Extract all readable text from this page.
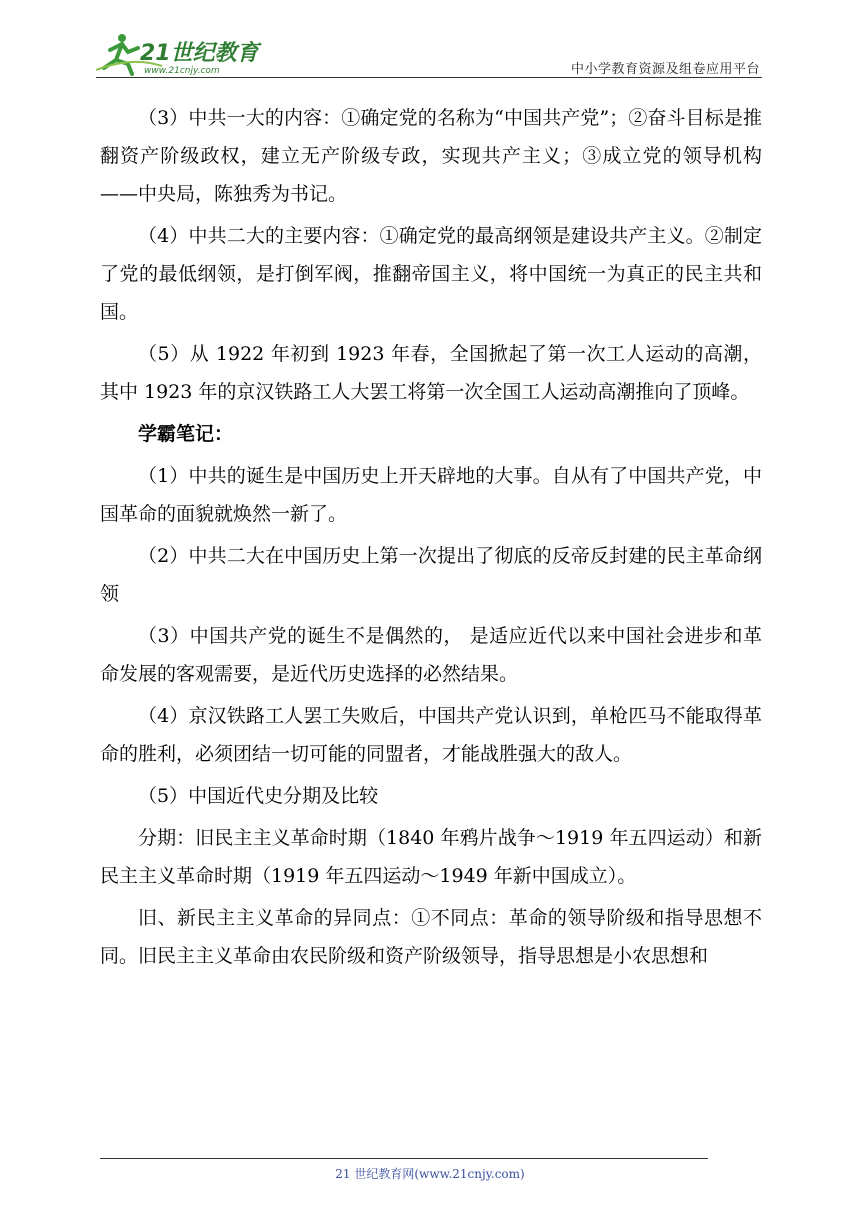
21世纪教育
www.21cnjy.com	中小学教育资源及组卷应用平台

（3）中共一大的内容：①确定党的名称为“中国共产党”；②奋斗目标是推翻资产阶级政权，建立无产阶级专政，实现共产主义；③成立党的领导机构——中央局，陈独秀为书记。

（4）中共二大的主要内容：①确定党的最高纲领是建设共产主义。②制定了党的最低纲领，是打倒军阀，推翻帝国主义，将中国统一为真正的民主共和国。

（5）从 1922 年初到 1923 年春，全国掀起了第一次工人运动的高潮，其中 1923 年的京汉铁路工人大罢工将第一次全国工人运动高潮推向了顶峰。

学霸笔记：

（1）中共的诞生是中国历史上开天辟地的大事。自从有了中国共产党，中国革命的面貌就焕然一新了。

（2）中共二大在中国历史上第一次提出了彻底的反帝反封建的民主革命纲领

（3）中国共产党的诞生不是偶然的， 是适应近代以来中国社会进步和革命发展的客观需要，是近代历史选择的必然结果。

（4）京汉铁路工人罢工失败后，中国共产党认识到，单枪匹马不能取得革命的胜利，必须团结一切可能的同盟者，才能战胜强大的敌人。

（5）中国近代史分期及比较

分期：旧民主主义革命时期（1840 年鸦片战争～1919 年五四运动）和新民主主义革命时期（1919 年五四运动～1949 年新中国成立）。

旧、新民主主义革命的异同点：①不同点：革命的领导阶级和指导思想不同。旧民主主义革命由农民阶级和资产阶级领导，指导思想是小农思想和

21 世纪教育网(www.21cnjy.com)
